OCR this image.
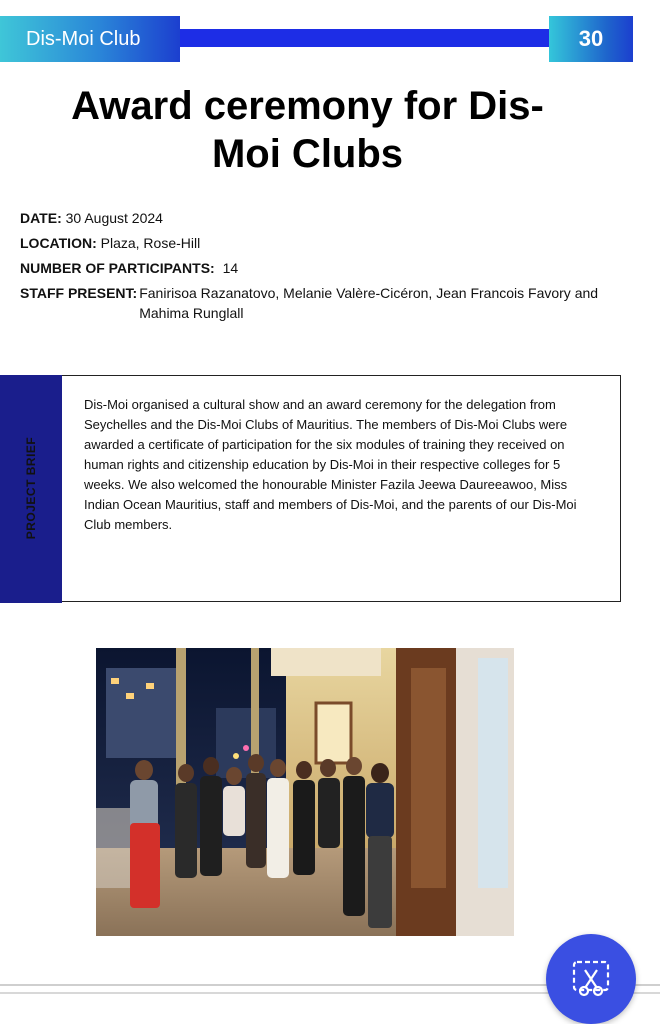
Dis-Moi Club	30
Award ceremony for Dis-Moi Clubs
DATE: 30 August 2024
LOCATION: Plaza, Rose-Hill
NUMBER OF PARTICIPANTS: 14
STAFF PRESENT: Fanirisoa Razanatovo, Melanie Valère-Cicéron, Jean Francois Favory and Mahima Runglall
PROJECT BRIEF
Dis-Moi organised a cultural show and an award ceremony for the delegation from Seychelles and the Dis-Moi Clubs of Mauritius. The members of Dis-Moi Clubs were awarded a certificate of participation for the six modules of training they received on human rights and citizenship education by Dis-Moi in their respective colleges for 5 weeks. We also welcomed the honourable Minister Fazila Jeewa Daureeawoo, Miss Indian Ocean Mauritius, staff and members of Dis-Moi, and the parents of our Dis-Moi Club members.
